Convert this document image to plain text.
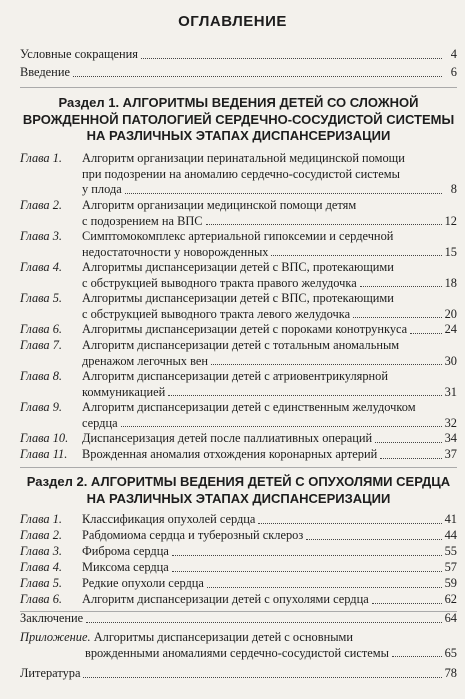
ОГЛАВЛЕНИЕ
Условные сокращения	4
Введение	6
Раздел 1. АЛГОРИТМЫ ВЕДЕНИЯ ДЕТЕЙ СО СЛОЖНОЙ
ВРОЖДЕННОЙ ПАТОЛОГИЕЙ СЕРДЕЧНО-СОСУДИСТОЙ СИСТЕМЫ
НА РАЗЛИЧНЫХ ЭТАПАХ ДИСПАНСЕРИЗАЦИИ
Глава 1.	Алгоритм организации перинатальной медицинской помощи
при подозрении на аномалию сердечно-сосудистой системы
у плода	8
Глава 2.	Алгоритм организации медицинской помощи детям
с подозрением на ВПС	12
Глава 3.	Симптомокомплекс артериальной гипоксемии и сердечной
недостаточности у новорожденных	15
Глава 4.	Алгоритмы диспансеризации детей с ВПС, протекающими
с обструкцией выводного тракта правого желудочка	18
Глава 5.	Алгоритмы диспансеризации детей с ВПС, протекающими
с обструкцией выводного тракта левого желудочка	20
Глава 6.	Алгоритмы диспансеризации детей с пороками конотрункуса	24
Глава 7.	Алгоритм диспансеризации детей с тотальным аномальным
дренажом легочных вен	30
Глава 8.	Алгоритм диспансеризации детей с атриовентрикулярной
коммуникацией	31
Глава 9.	Алгоритм диспансеризации детей с единственным желудочком
сердца	32
Глава 10.	Диспансеризация детей после паллиативных операций	34
Глава 11.	Врожденная аномалия отхождения коронарных артерий	37
Раздел 2. АЛГОРИТМЫ ВЕДЕНИЯ ДЕТЕЙ С ОПУХОЛЯМИ СЕРДЦА
НА РАЗЛИЧНЫХ ЭТАПАХ ДИСПАНСЕРИЗАЦИИ
Глава 1.	Классификация опухолей сердца	41
Глава 2.	Рабдомиома сердца и туберозный склероз	44
Глава 3.	Фиброма сердца	55
Глава 4.	Миксома сердца	57
Глава 5.	Редкие опухоли сердца	59
Глава 6.	Алгоритм диспансеризации детей с опухолями сердца	62
Заключение	64
Приложение. Алгоритмы диспансеризации детей с основными
врожденными аномалиями сердечно-сосудистой системы	65
Литература	78
